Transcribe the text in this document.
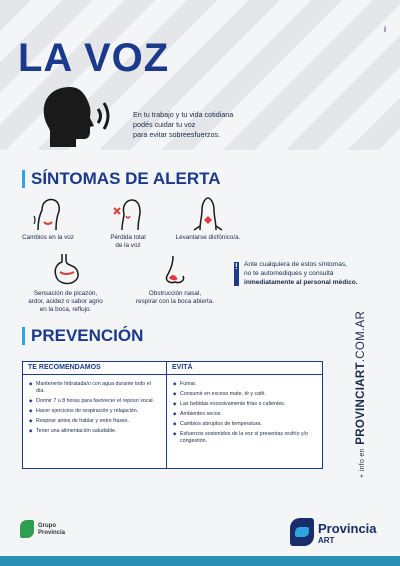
LA VOZ
i
En tu trabajo y tu vida cotidiana
podés cuidar tu voz
para evitar sobreesfuerzos.
SÍNTOMAS DE ALERTA
Cambios en la voz	Pérdida total
de la voz
Levantarse disfónico/a.
Sensación de picazón,
ardor, acidez o sabor agrio
en la boca, reflujo.
Obstrucción nasal,
respirar con la boca abierta.
! Ante cualquiera de estos síntomas,

no te automediques y consultá

inmediatamente al personal médico.

PREVENCIÓN
TE RECOMENDAMOS	EVITÁ
◆ Mantenerte hidratada/o con agua durante todo el día.
◆ Dormir 7 u 8 horas para favorecer el reposo vocal.
◆ Hacer ejercicios de respiración y relajación.
◆ Respirar antes de hablar y entre frases.
◆ Tener una alimentación saludable.
◆ Fumar.
◆ Consumir en exceso mate, té y café.
◆ Las bebidas excesivamente frías o calientes.
◆ Ambientes secos.
◆ Cambios abruptos de temperatura.
◆ Esfuerzos sostenidos de la voz si presentas resfrío y/o congestión.
+ info en PROVINCIART.COM.AR
Grupo
Provincia	Provincia
ART
